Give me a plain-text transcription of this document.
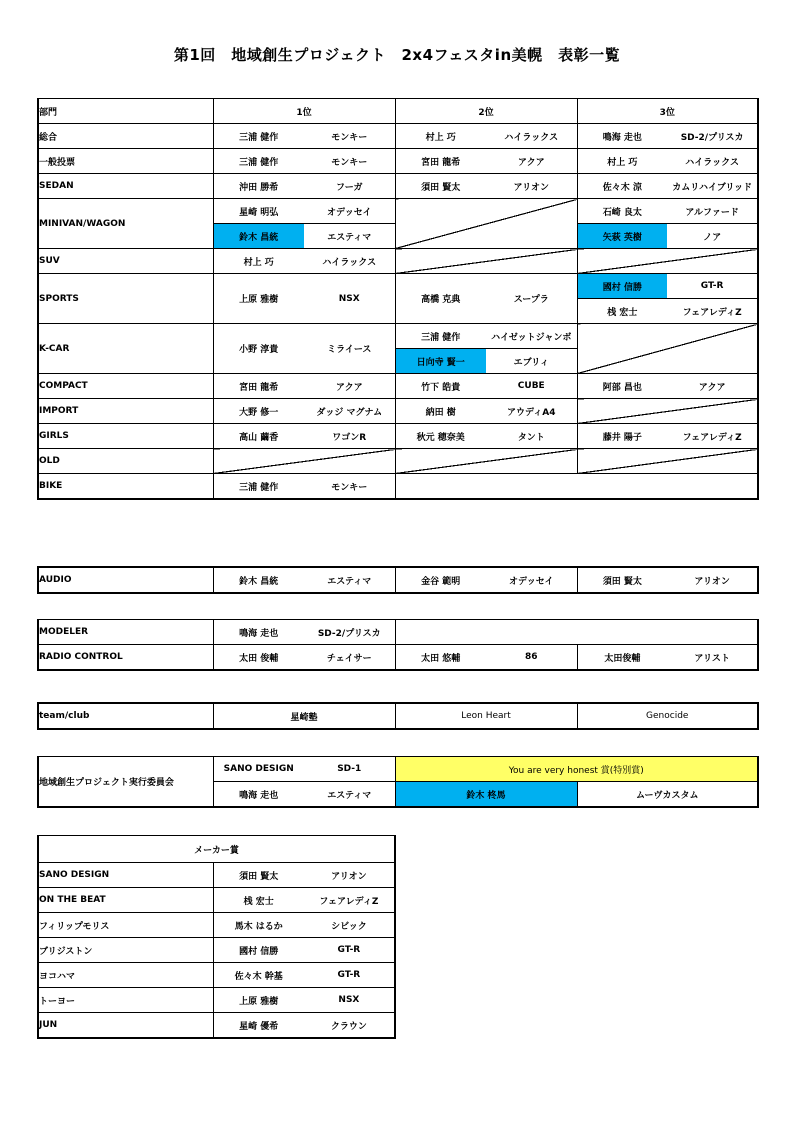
第1回　地域創生プロジェクト　2x4フェスタin美幌　表彰一覧
部門	1位	2位	3位
総合	三浦 健作 モンキー	村上 巧 ハイラックス	鳴海 走也 SD-2/プリスカ

一般投票	三浦 健作 モンキー	宮田 龍希 アクア	村上 巧 ハイラックス

SEDAN	沖田 勝希 フーガ	須田 賢太 アリオン	佐々木 涼 カムリハイブリッド

MINIVAN/WAGON	星崎 明弘 オデッセイ		石崎 良太 アルファード

	鈴木 昌統 エスティマ		矢萩 英樹 ノア

SUV	村上 巧 ハイラックス		

SPORTS	上原 雅樹 NSX	高橋 克典 スープラ	國村 信勝 GT-R

			桟 宏士 フェアレディZ

K-CAR	小野 淳貴 ミライース	三浦 健作 ハイゼットジャンボ	

		日向寺 賢一 エブリィ	

COMPACT	宮田 龍希 アクア	竹下 皓貴 CUBE	阿部 昌也 アクア

IMPORT	大野 修一 ダッジ マグナム	納田 樹 アウディA4	

GIRLS	高山 繭香 ワゴンR	秋元 穂奈美 タント	藤井 陽子 フェアレディZ

OLD			
BIKE	三浦 健作 モンキー		

AUDIO	鈴木 昌統	エスティマ	金谷 範明	オデッセイ	須田 賢太	アリオン
MODELER	鳴海 走也 SD-2/プリスカ		

RADIO CONTROL	太田 俊輔 チェイサー	太田 悠輔 86	太田俊輔 アリスト
team/club	星崎塾	Leon Heart	Genocide
地域創生プロジェクト実行委員会	SANO DESIGN SD-1	You are very honest 賞(特別賞)	

	鳴海 走也 エスティマ	鈴木 柊馬	ムーヴカスタム
メーカー賞	
SANO DESIGN	須田 賢太 アリオン

ON THE BEAT	桟 宏士 フェアレディZ

フィリップモリス	馬木 はるか シビック

ブリジストン	國村 信勝 GT-R

ヨコハマ	佐々木 幹基 GT-R

トーヨー	上原 雅樹 NSX

JUN	星崎 優希 クラウン
